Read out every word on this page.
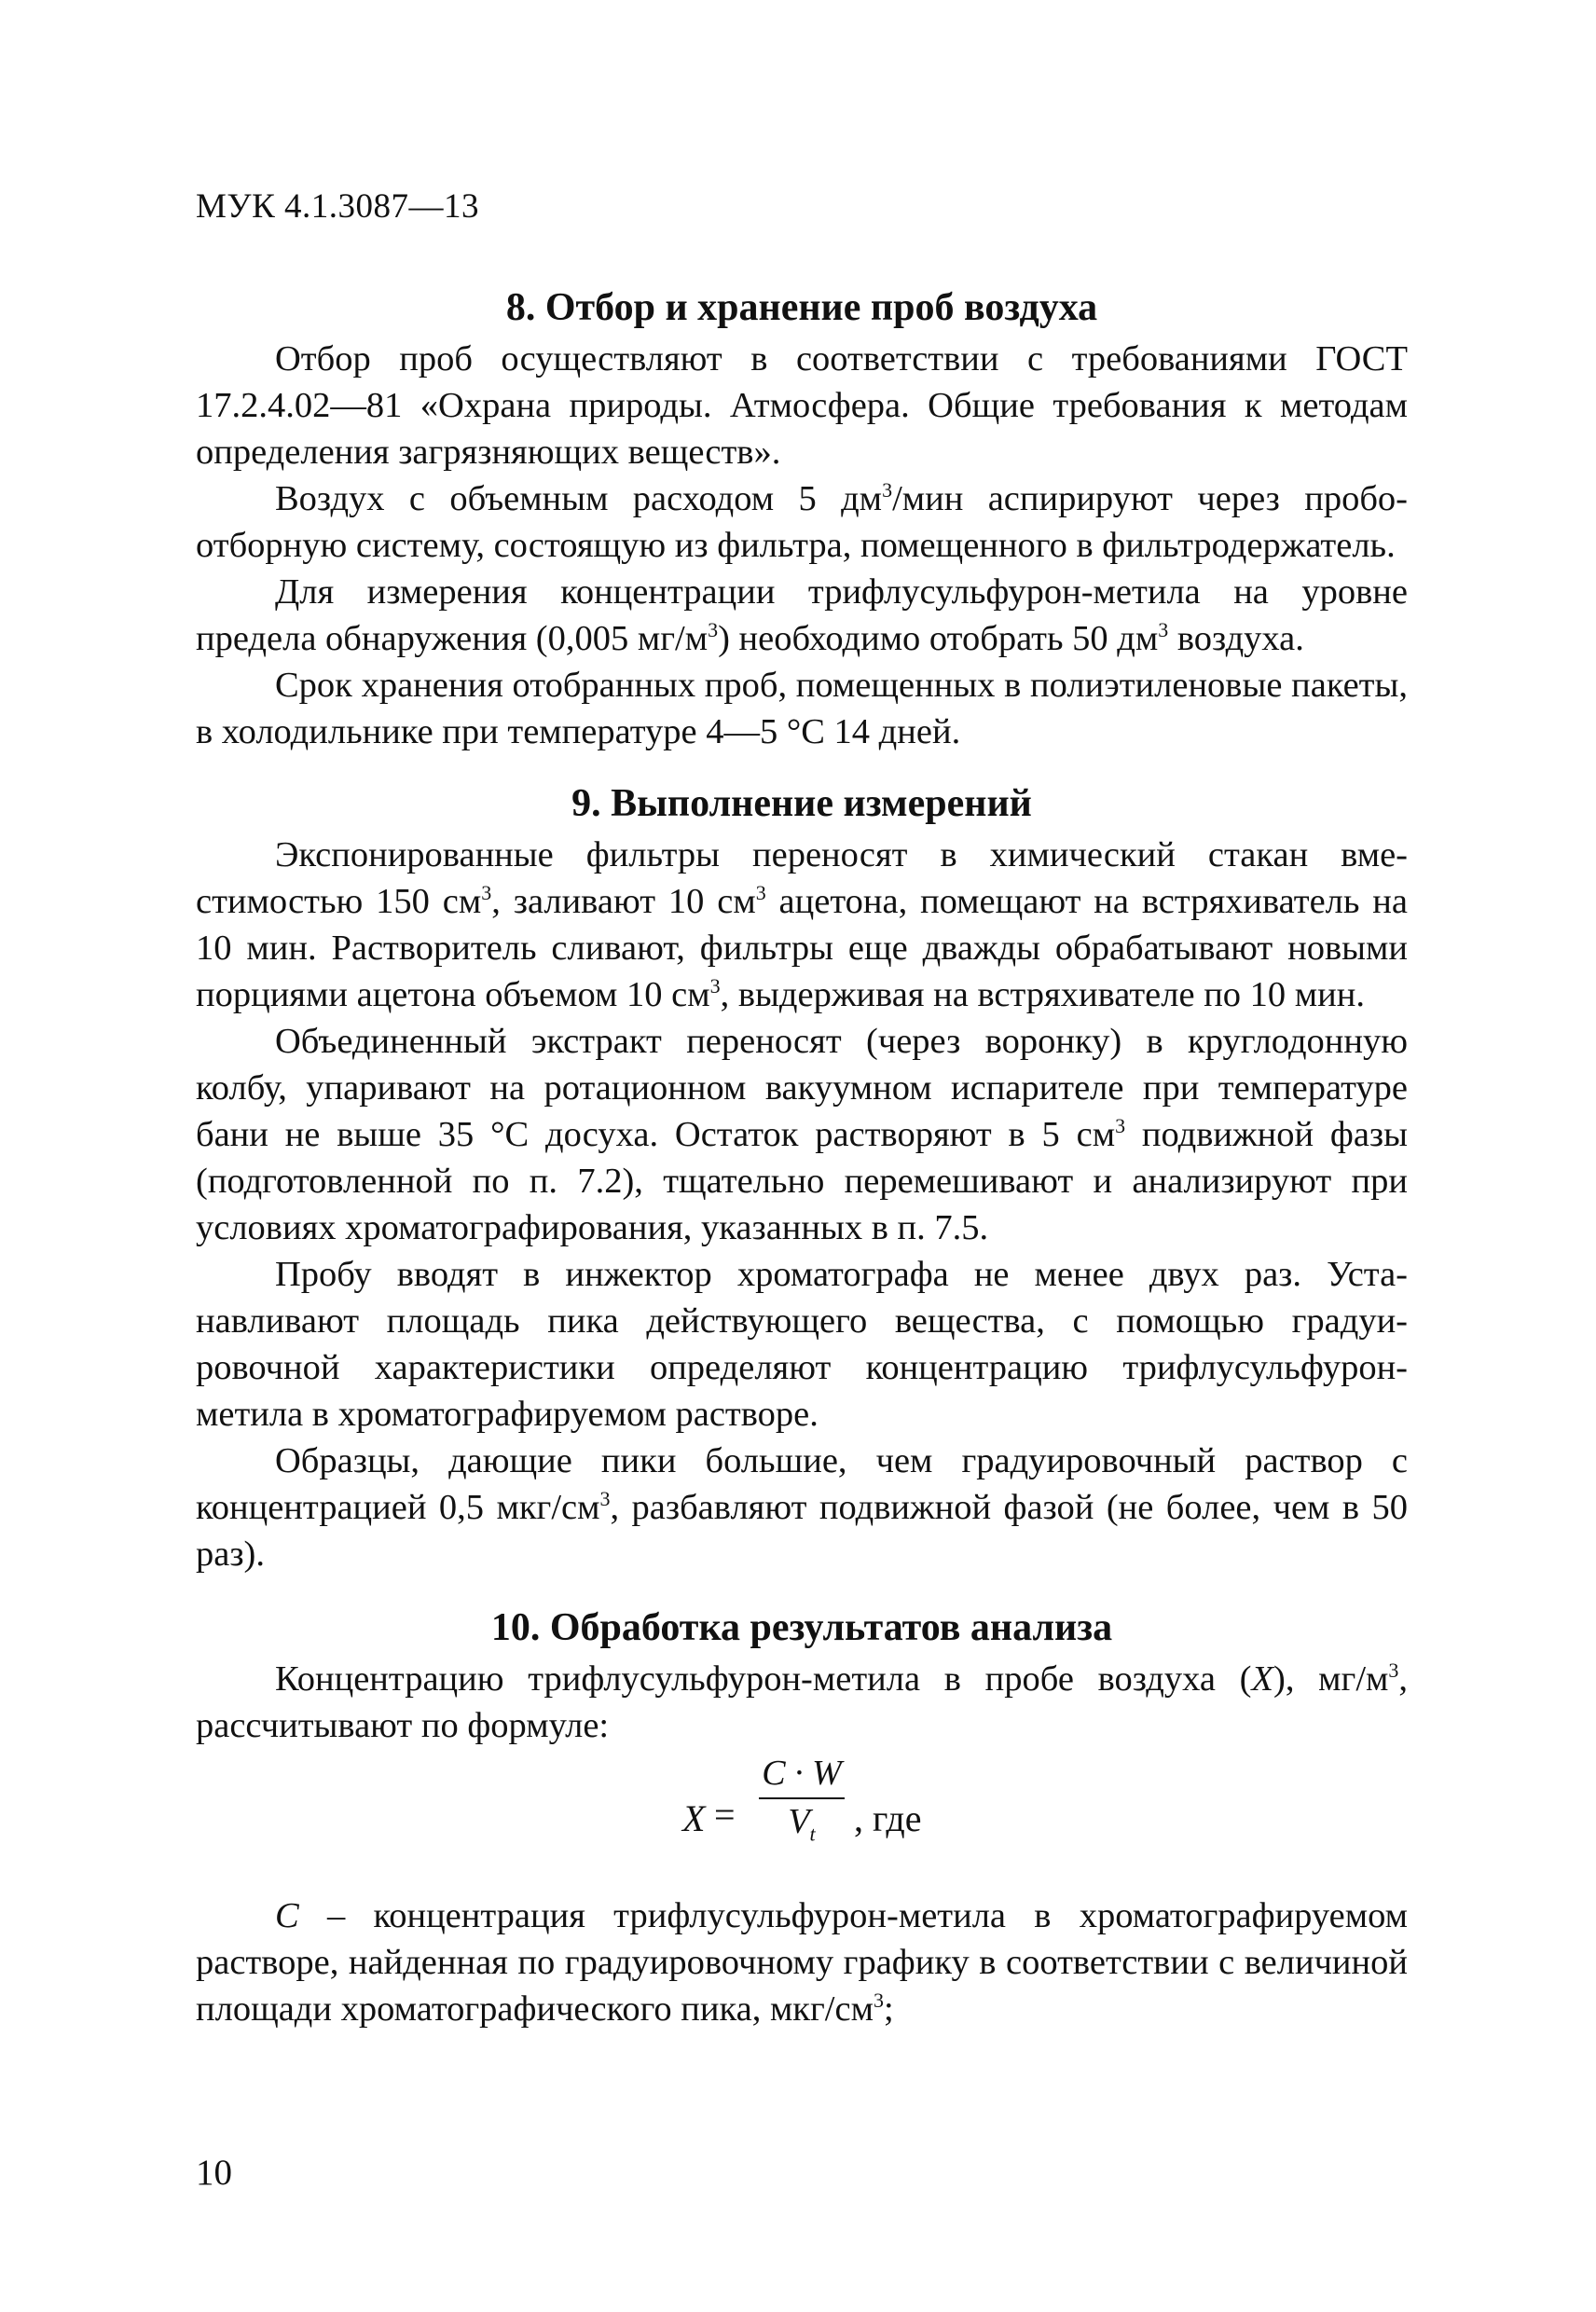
МУК 4.1.3087—13
8. Отбор и хранение проб воздуха

Отбор проб осуществляют в соответствии с требованиями ГОСТ 17.2.4.02—81 «Охрана природы. Атмосфера. Общие требования к методам определения загрязняющих веществ».

Воздух с объемным расходом 5 $дм^3$/мин аспирируют через пробоотборную систему, состоящую из фильтра, помещенного в фильтродержатель.

Для измерения концентрации трифлусульфурон-метила на уровне предела обнаружения (0,005 $мг/м^3$) необходимо отобрать 50 $дм^3$ воздуха.

Срок хранения отобранных проб, помещенных в полиэтиленовые пакеты, в холодильнике при температуре 4—5 °С 14 дней.

9. Выполнение измерений

Экспонированные фильтры переносят в химический стакан вместимостью 150 $см^3$, заливают 10 $см^3$ ацетона, помещают на встряхиватель на 10 мин. Растворитель сливают, фильтры еще дважды обрабатывают новыми порциями ацетона объемом 10 $см^3$, выдерживая на встряхивателе по 10 мин.

Объединенный экстракт переносят (через воронку) в круглодонную колбу, упаривают на ротационном вакуумном испарителе при температуре бани не выше 35 °С досуха. Остаток растворяют в 5 $см^3$ подвижной фазы (подготовленной по п. 7.2), тщательно перемешивают и анализируют при условиях хроматографирования, указанных в п. 7.5.

Пробу вводят в инжектор хроматографа не менее двух раз. Устанавливают площадь пика действующего вещества, с помощью градуировочной характеристики определяют концентрацию трифлусульфурон-метила в хроматографируемом растворе.

Образцы, дающие пики большие, чем градуировочный раствор с концентрацией 0,5 мкг/$см^3$, разбавляют подвижной фазой (не более, чем в 50 раз).

10. Обработка результатов анализа

Концентрацию трифлусульфурон-метила в пробе воздуха (X), $мг/м^3$, рассчитывают по формуле:

X =
C · W
$V_t$	, где

C – концентрация трифлусульфурон-метила в хроматографируемом растворе, найденная по градуировочному графику в соответствии с величиной площади хроматографического пика, мкг/$см^3$;

10
